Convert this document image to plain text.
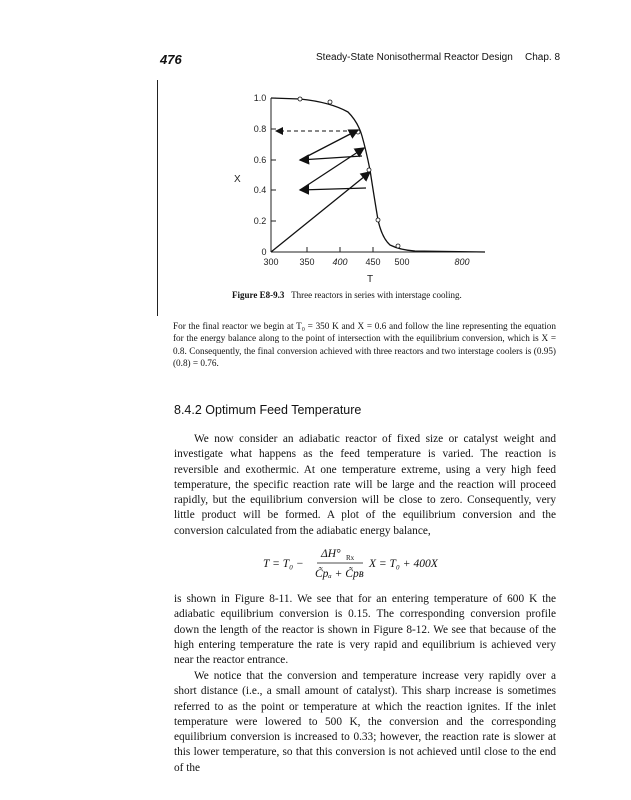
476	Steady-State Nonisothermal Reactor Design Chap. 8
1.0
0.8
0.6
0.4
0.2
0
X
300 350 400 450 500	800
T
Figure E8-9.3 Three reactors in series with interstage cooling.

For the final reactor we begin at T₀ = 350 K and X = 0.6 and follow the line representing the equation for the energy balance along to the point of intersection with the equilibrium conversion, which is X = 0.8. Consequently, the final conversion achieved with three reactors and two interstage coolers is (0.95)(0.8) = 0.76.

8.4.2 Optimum Feed Temperature

We now consider an adiabatic reactor of fixed size or catalyst weight and investigate what happens as the feed temperature is varied. The reaction is reversible and exothermic. At one temperature extreme, using a very high feed temperature, the specific reaction rate will be large and the reaction will proceed rapidly, but the equilibrium conversion will be close to zero. Consequently, very little product will be formed. A plot of the equilibrium conversion and the conversion calculated from the adiabatic energy balance,

T = T₀ −
ΔH° Rx
C̃pₐ + C̃pʙ
X = T₀ + 400X

is shown in Figure 8-11. We see that for an entering temperature of 600 K the adiabatic equilibrium conversion is 0.15. The corresponding conversion profile down the length of the reactor is shown in Figure 8-12. We see that because of the high entering temperature the rate is very rapid and equilibrium is achieved very near the reactor entrance.

We notice that the conversion and temperature increase very rapidly over a short distance (i.e., a small amount of catalyst). This sharp increase is sometimes referred to as the point or temperature at which the reaction ignites. If the inlet temperature were lowered to 500 K, the conversion and the corresponding equilibrium conversion is increased to 0.33; however, the reaction rate is slower at this lower temperature, so that this conversion is not achieved until close to the end of the
